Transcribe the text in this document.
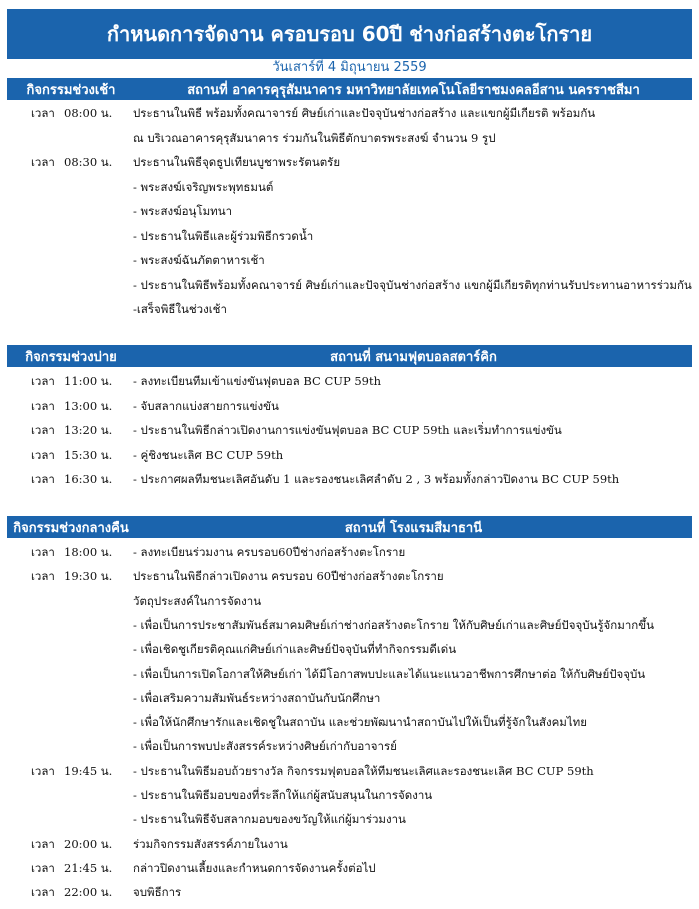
กำหนดการจัดงาน ครอบรอบ 60ปี ช่างก่อสร้างตะโกราย
วันเสาร์ที่ 4 มิถุนายน 2559
กิจกรรมช่วงเช้า	สถานที่ อาคารคุรุสัมนาคาร มหาวิทยาลัยเทคโนโลยีราชมงคลอีสาน นครราชสีมา
เวลา 08:00 น. ประธานในพิธี พร้อมทั้งคณาจารย์ ศิษย์เก่าและปัจจุบันช่างก่อสร้าง และแขกผู้มีเกียรติ พร้อมกัน
ณ บริเวณอาคารคุรุสัมนาคาร ร่วมกันในพิธีตักบาตรพระสงฆ์ จำนวน 9 รูป
เวลา 08:30 น. ประธานในพิธีจุดธูปเทียนบูชาพระรัตนตรัย
- พระสงฆ์เจริญพระพุทธมนต์
- พระสงฆ์อนุโมทนา
- ประธานในพิธีและผู้ร่วมพิธีกรวดน้ำ
- พระสงฆ์ฉันภัตตาหารเช้า
- ประธานในพิธีพร้อมทั้งคณาจารย์ ศิษย์เก่าและปัจจุบันช่างก่อสร้าง แขกผู้มีเกียรติทุกท่านรับประทานอาหารร่วมกัน
-เสร็จพิธีในช่วงเช้า
กิจกรรมช่วงบ่าย	สถานที่ สนามฟุตบอลสตาร์คิก
เวลา 11:00 น. - ลงทะเบียนทีมเข้าแข่งขันฟุตบอล BC CUP 59th
เวลา 13:00 น. - จับสลากแบ่งสายการแข่งขัน
เวลา 13:20 น. - ประธานในพิธีกล่าวเปิดงานการแข่งขันฟุตบอล BC CUP 59th และเริ่มทำการแข่งขัน
เวลา 15:30 น. - คู่ชิงชนะเลิศ BC CUP 59th
เวลา 16:30 น. - ประกาศผลทีมชนะเลิศอันดับ 1 และรองชนะเลิศลำดับ 2 , 3 พร้อมทั้งกล่าวปิดงาน BC CUP 59th
กิจกรรมช่วงกลางคืน	สถานที่ โรงแรมสีมาธานี
เวลา 18:00 น. - ลงทะเบียนร่วมงาน ครบรอบ60ปีช่างก่อสร้างตะโกราย
เวลา 19:30 น. ประธานในพิธีกล่าวเปิดงาน ครบรอบ 60ปีช่างก่อสร้างตะโกราย
วัตถุประสงค์ในการจัดงาน
- เพื่อเป็นการประชาสัมพันธ์สมาคมศิษย์เก่าช่างก่อสร้างตะโกราย ให้กับศิษย์เก่าและศิษย์ปัจจุบันรู้จักมากขึ้น
- เพื่อเชิดชูเกียรติคุณแก่ศิษย์เก่าและศิษย์ปัจจุบันที่ทำกิจกรรมดีเด่น
- เพื่อเป็นการเปิดโอกาสให้ศิษย์เก่า ได้มีโอกาสพบปะและได้แนะแนวอาชีพการศึกษาต่อ ให้กับศิษย์ปัจจุบัน
- เพื่อเสริมความสัมพันธ์ระหว่างสถาบันกับนักศึกษา
- เพื่อให้นักศึกษารักและเชิดชูในสถาบัน และช่วยพัฒนานำสถาบันไปให้เป็นที่รู้จักในสังคมไทย
- เพื่อเป็นการพบปะสังสรรค์ระหว่างศิษย์เก่ากับอาจารย์
เวลา 19:45 น. - ประธานในพิธีมอบถ้วยรางวัล กิจกรรมฟุตบอลให้ทีมชนะเลิศและรองชนะเลิศ BC CUP 59th
- ประธานในพิธีมอบของที่ระลึกให้แก่ผู้สนับสนุนในการจัดงาน
- ประธานในพิธีจับสลากมอบของขวัญให้แก่ผู้มาร่วมงาน
เวลา 20:00 น. ร่วมกิจกรรมสังสรรค์ภายในงาน
เวลา 21:45 น. กล่าวปิดงานเลี้ยงและกำหนดการจัดงานครั้งต่อไป
เวลา 22:00 น. จบพิธีการ
